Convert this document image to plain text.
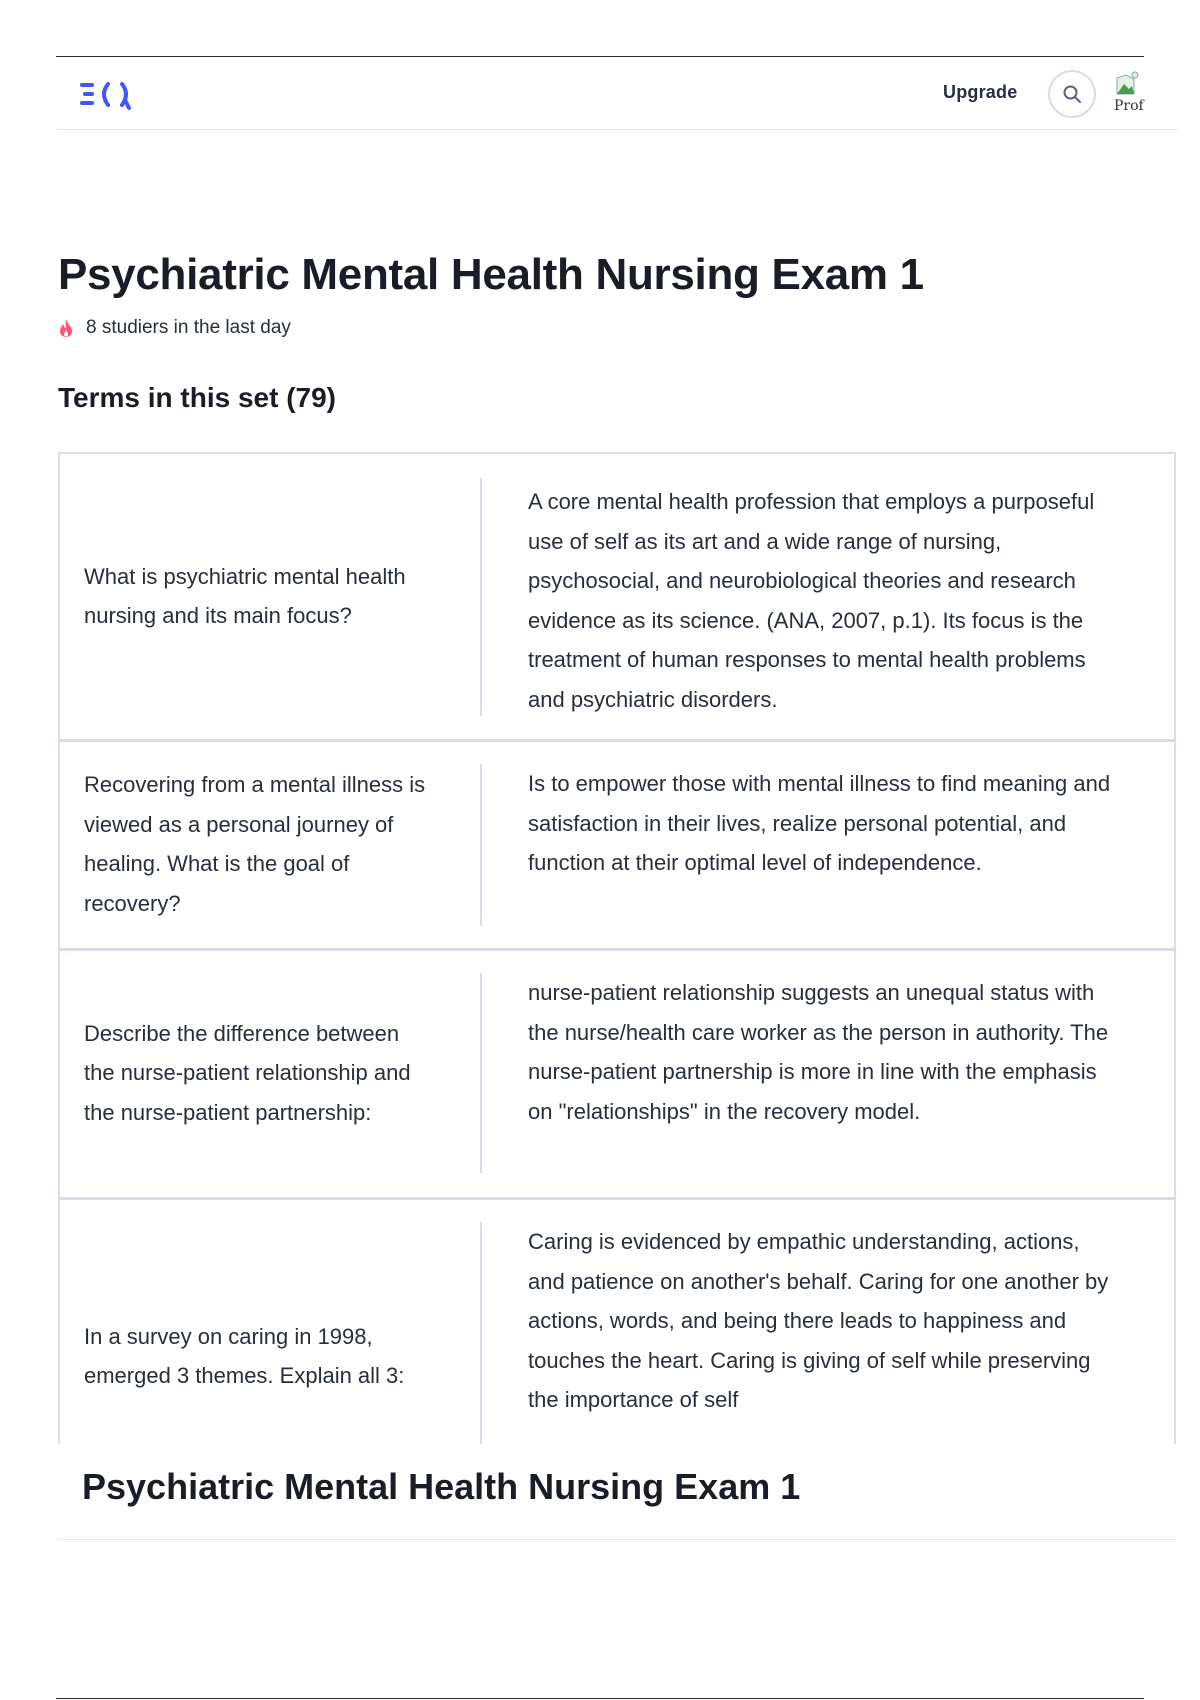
Upgrade
Prof
Psychiatric Mental Health Nursing Exam 1
8 studiers in the last day
Terms in this set (79)
What is psychiatric mental health nursing and its main focus?
A core mental health profession that employs a purposeful use of self as its art and a wide range of nursing, psychosocial, and neurobiological theories and research evidence as its science. (ANA, 2007, p.1). Its focus is the treatment of human responses to mental health problems and psychiatric disorders.
Recovering from a mental illness is viewed as a personal journey of healing. What is the goal of recovery?
Is to empower those with mental illness to find meaning and satisfaction in their lives, realize personal potential, and function at their optimal level of independence.
Describe the difference between the nurse-patient relationship and the nurse-patient partnership:
nurse-patient relationship suggests an unequal status with the nurse/health care worker as the person in authority. The nurse-patient partnership is more in line with the emphasis on "relationships" in the recovery model.
In a survey on caring in 1998, emerged 3 themes. Explain all 3:
Caring is evidenced by empathic understanding, actions, and patience on another's behalf. Caring for one another by actions, words, and being there leads to happiness and touches the heart. Caring is giving of self while preserving the importance of self
Psychiatric Mental Health Nursing Exam 1
